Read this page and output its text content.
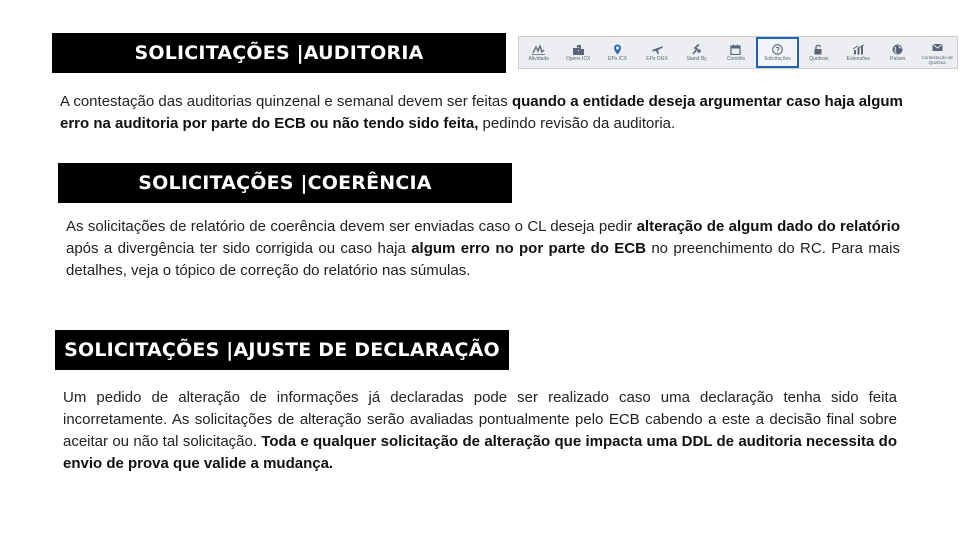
SOLICITAÇÕES |AUDITORIA
A contestação das auditorias quinzenal e semanal devem ser feitas quando a entidade deseja argumentar caso haja algum erro na auditoria por parte do ECB ou não tendo sido feita, pedindo revisão da auditoria.
SOLICITAÇÕES |COERÊNCIA
As solicitações de relatório de coerência devem ser enviadas caso o CL deseja pedir alteração de algum dado do relatório após a divergência ter sido corrigida ou caso haja algum erro no por parte do ECB no preenchimento do RC. Para mais detalhes, veja o tópico de correção do relatório nas súmulas.
SOLICITAÇÕES |AJUSTE DE DECLARAÇÃO
Um pedido de alteração de informações já declaradas pode ser realizado caso uma declaração tenha sido feita incorretamente. As solicitações de alteração serão avaliadas pontualmente pelo ECB cabendo a este a decisão final sobre aceitar ou não tal solicitação. Toda e qualquer solicitação de alteração que impacta uma DDL de auditoria necessita do envio de prova que valide a mudança.
Atividade	Opens ICX	EPs ICX	EPs OGX	Stand By	Comitês	Solicitações	Quebras	Extensões	Países	Contestação de Quebras
